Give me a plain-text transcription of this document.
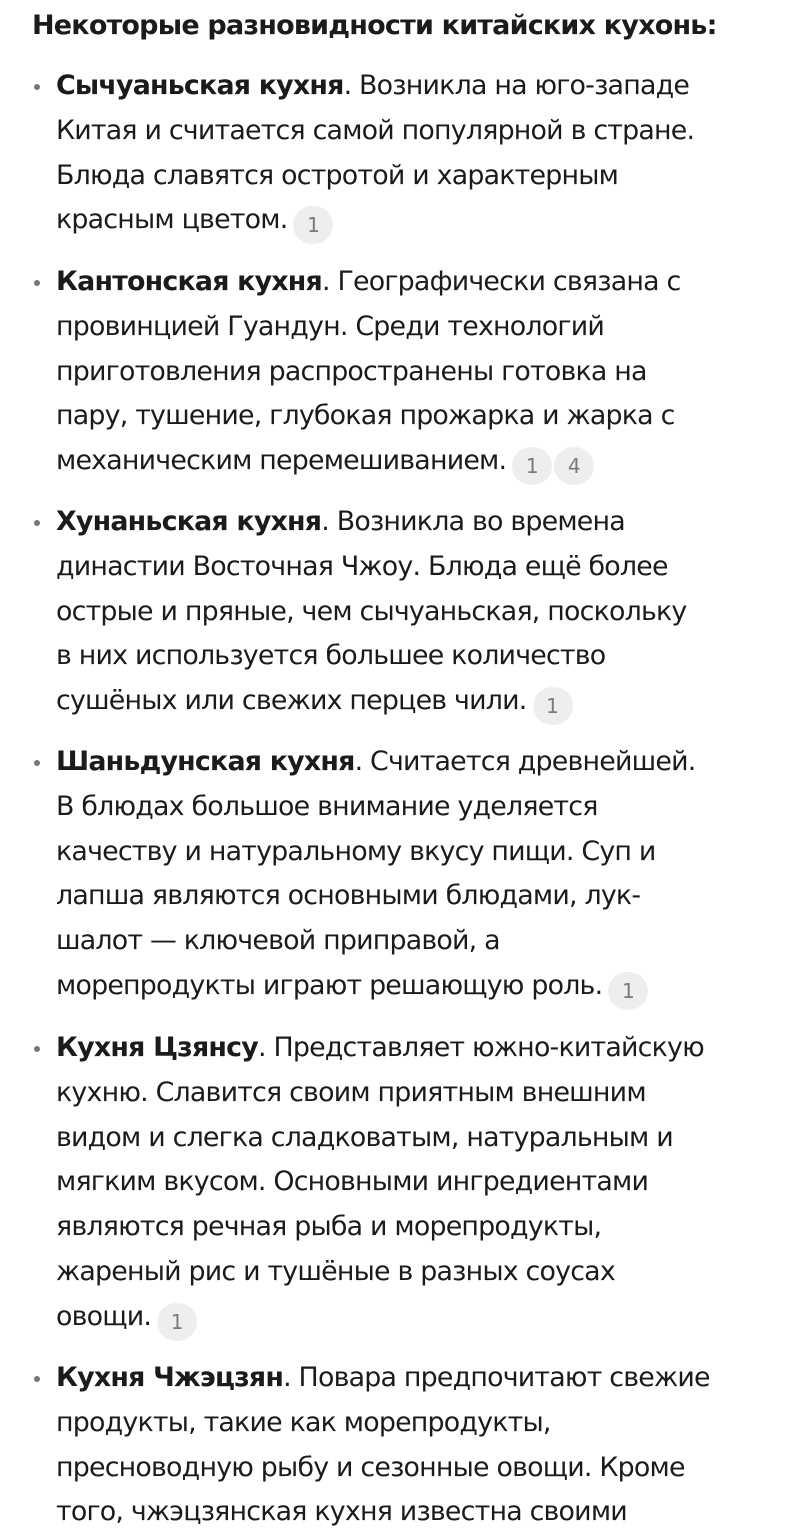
Некоторые разновидности китайских кухонь:
Сычуаньская кухня. Возникла на юго-западе
Китая и считается самой популярной в стране.
Блюда славятся остротой и характерным
красным цветом. 1
Кантонская кухня. Географически связана с
провинцией Гуандун. Среди технологий
приготовления распространены готовка на
пару, тушение, глубокая прожарка и жарка с
механическим перемешиванием. 1 4
Хунаньская кухня. Возникла во времена
династии Восточная Чжоу. Блюда ещё более
острые и пряные, чем сычуаньская, поскольку
в них используется большее количество
сушёных или свежих перцев чили. 1
Шаньдунская кухня. Считается древнейшей.
В блюдах большое внимание уделяется
качеству и натуральному вкусу пищи. Суп и
лапша являются основными блюдами, лук-
шалот — ключевой приправой, а
морепродукты играют решающую роль. 1
Кухня Цзянсу. Представляет южно-китайскую
кухню. Славится своим приятным внешним
видом и слегка сладковатым, натуральным и
мягким вкусом. Основными ингредиентами
являются речная рыба и морепродукты,
жареный рис и тушёные в разных соусах
овощи. 1
Кухня Чжэцзян. Повара предпочитают свежие
продукты, такие как морепродукты,
пресноводную рыбу и сезонные овощи. Кроме
того, чжэцзянская кухня известна своими
